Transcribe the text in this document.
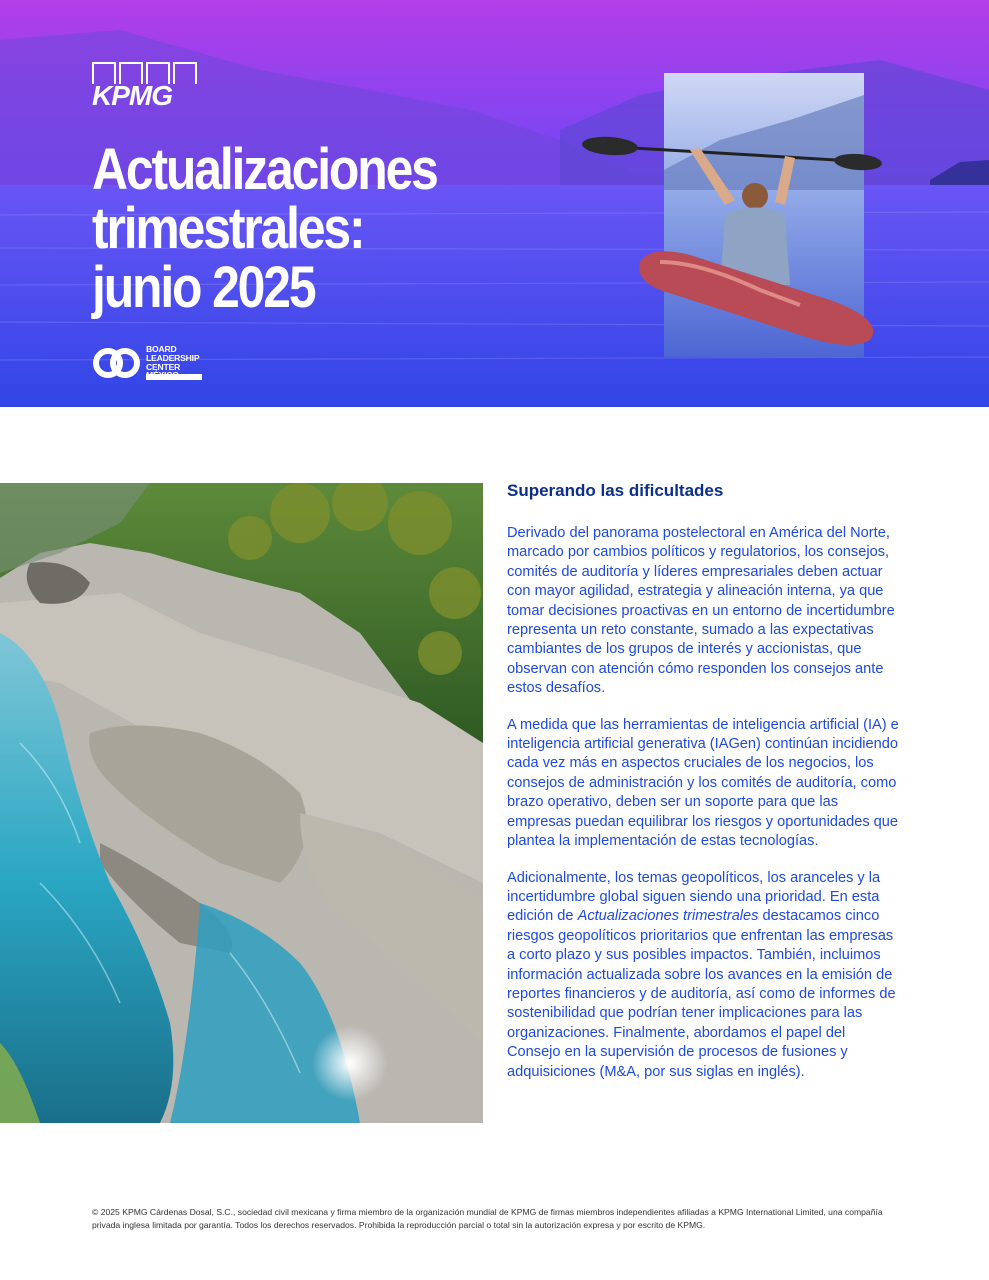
KPMG
Actualizaciones
trimestrales:
junio 2025
BOARD
LEADERSHIP
CENTER
Superando las dificultades

Derivado del panorama postelectoral en América del Norte, marcado por cambios políticos y regulatorios, los consejos, comités de auditoría y líderes empresariales deben actuar con mayor agilidad, estrategia y alineación interna, ya que tomar decisiones proactivas en un entorno de incertidumbre representa un reto constante, sumado a las expectativas cambiantes de los grupos de interés y accionistas, que observan con atención cómo responden los consejos ante estos desafíos.

A medida que las herramientas de inteligencia artificial (IA) e inteligencia artificial generativa (IAGen) continúan incidiendo cada vez más en aspectos cruciales de los negocios, los consejos de administración y los comités de auditoría, como brazo operativo, deben ser un soporte para que las empresas puedan equilibrar los riesgos y oportunidades que plantea la implementación de estas tecnologías.

Adicionalmente, los temas geopolíticos, los aranceles y la incertidumbre global siguen siendo una prioridad. En esta edición de Actualizaciones trimestrales destacamos cinco riesgos geopolíticos prioritarios que enfrentan las empresas a corto plazo y sus posibles impactos. También, incluimos información actualizada sobre los avances en la emisión de reportes financieros y de auditoría, así como de informes de sostenibilidad que podrían tener implicaciones para las organizaciones. Finalmente, abordamos el papel del Consejo en la supervisión de procesos de fusiones y adquisiciones (M&A, por sus siglas en inglés).

© 2025 KPMG Cárdenas Dosal, S.C., sociedad civil mexicana y firma miembro de la organización mundial de KPMG de firmas miembros independientes afiliadas a KPMG International Limited, una compañía privada inglesa limitada por garantía. Todos los derechos reservados. Prohibida la reproducción parcial o total sin la autorización expresa y por escrito de KPMG.
